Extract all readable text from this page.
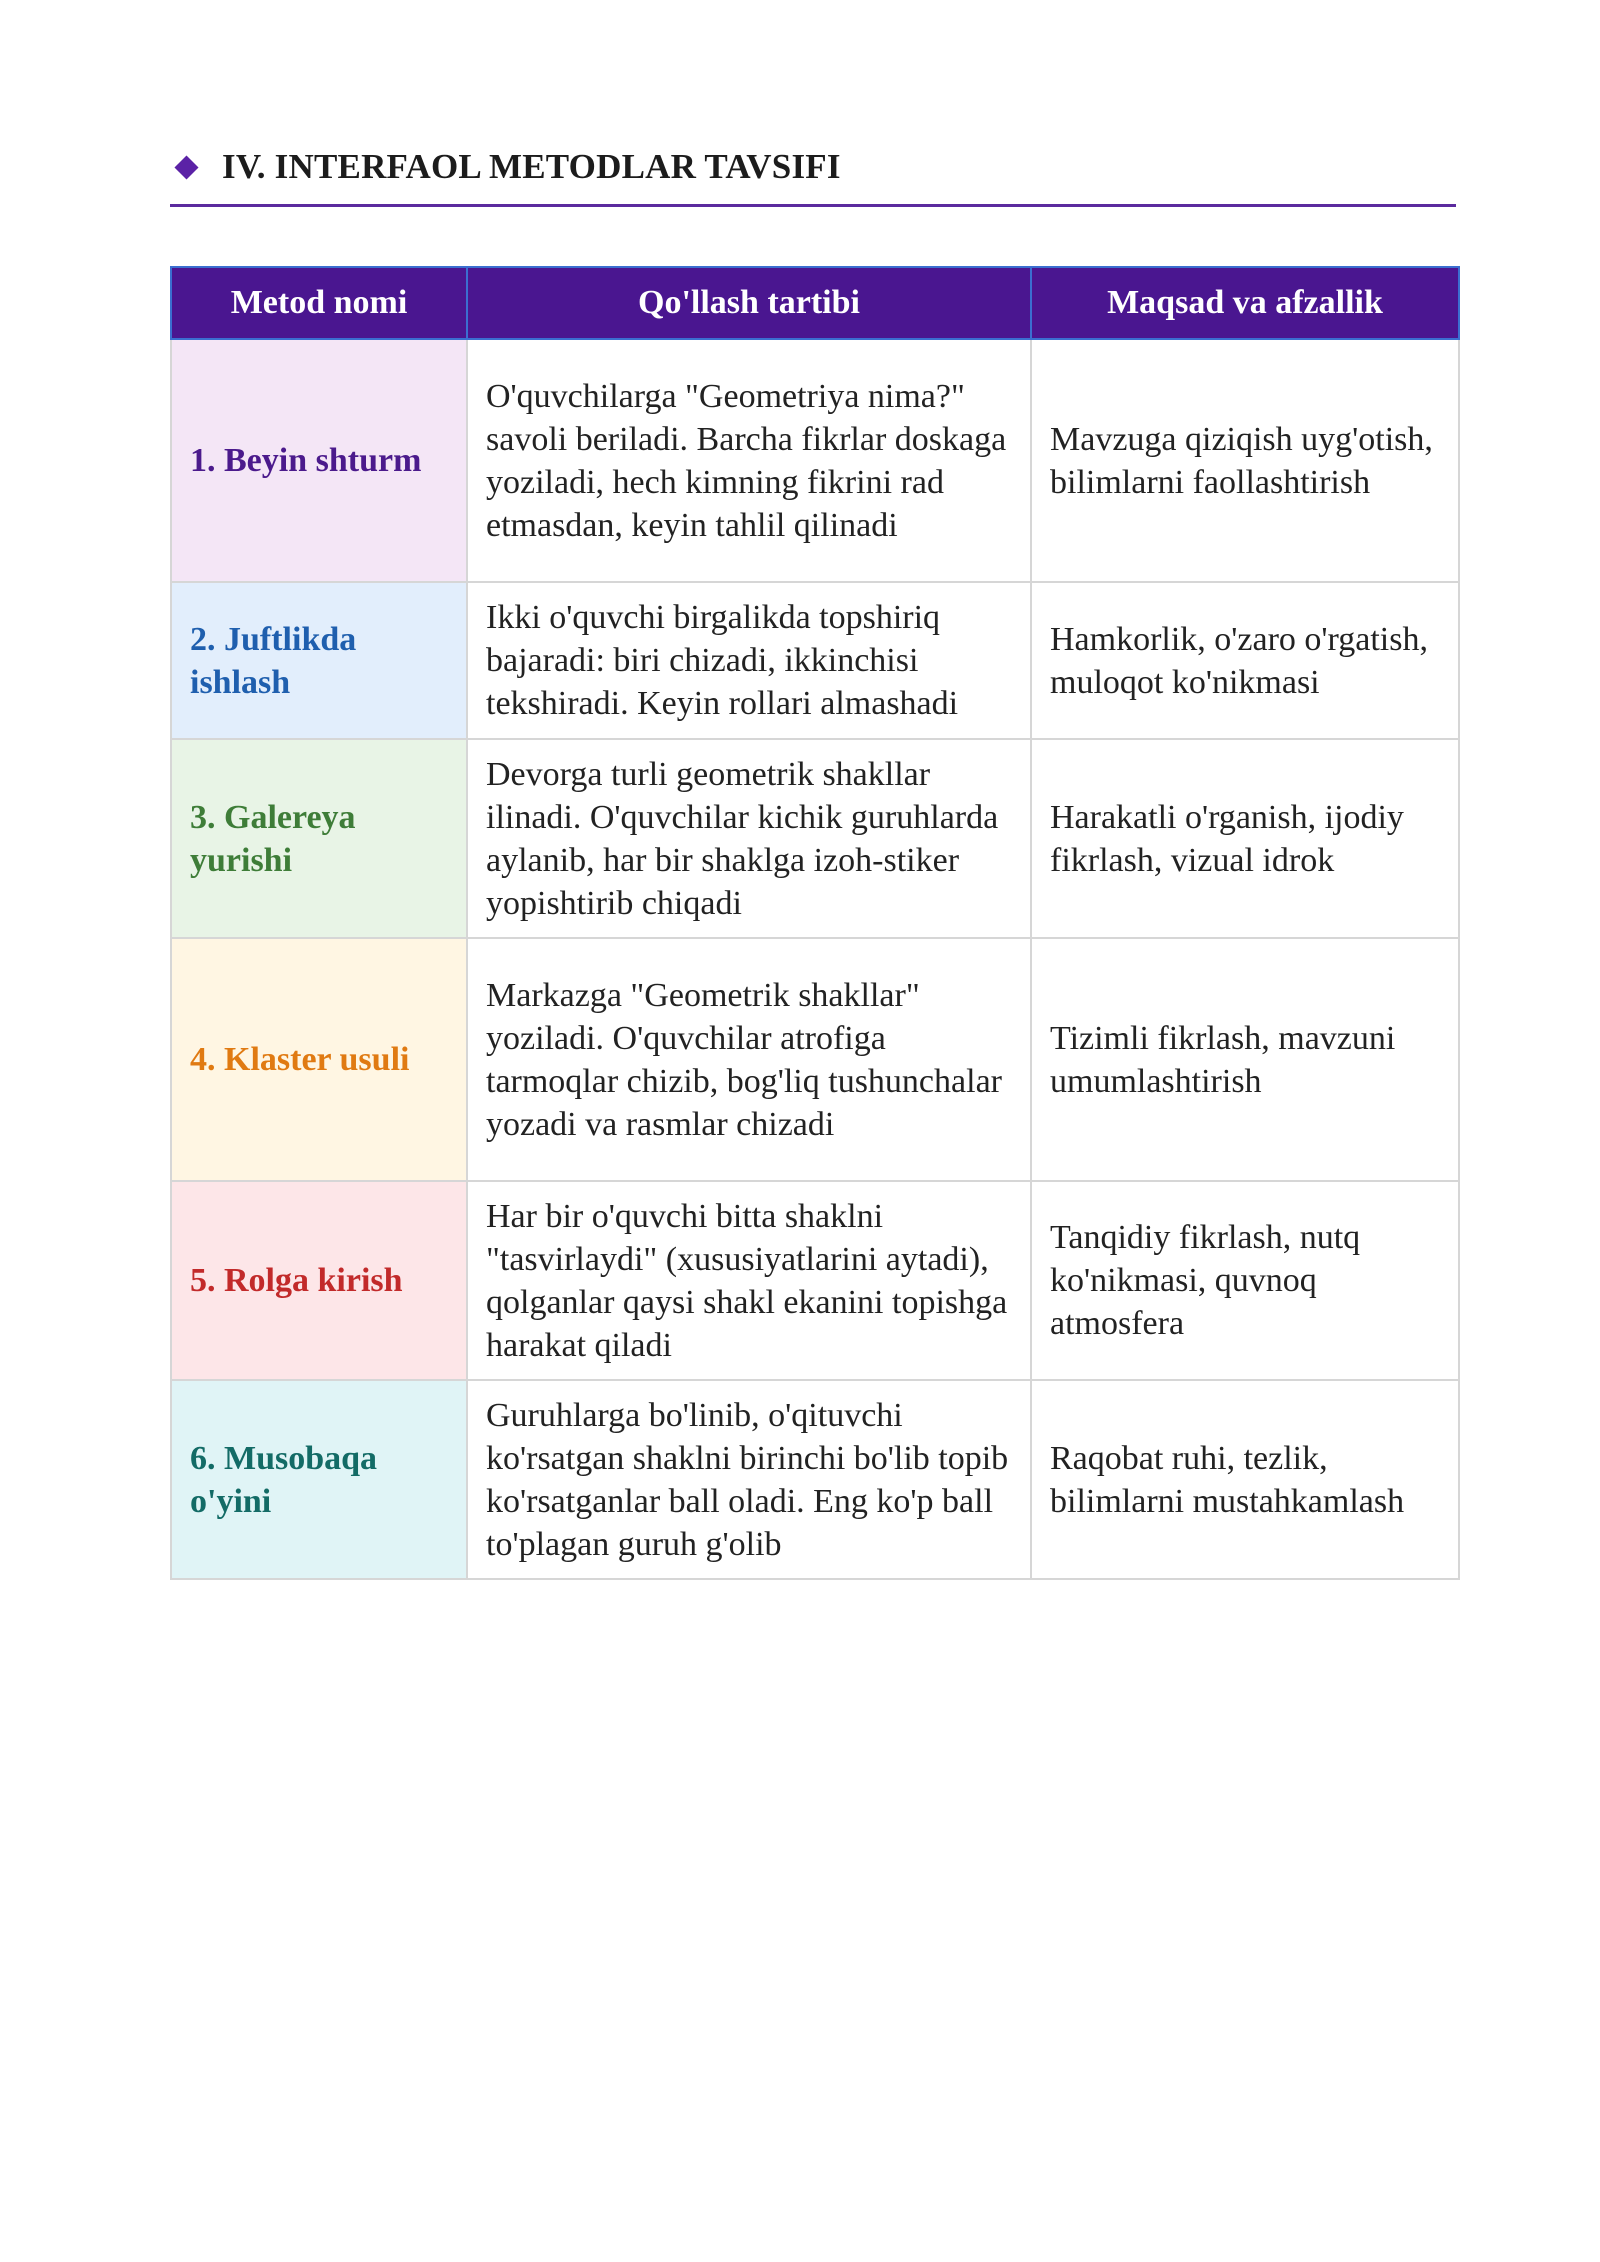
IV. INTERFAOL METODLAR TAVSIFI
Metod nomi	Qo'llash tartibi	Maqsad va afzallik
1. Beyin shturm	O'quvchilarga "Geometriya nima?" savoli beriladi. Barcha fikrlar doskaga yoziladi, hech kimning fikrini rad etmasdan, keyin tahlil qilinadi	Mavzuga qiziqish uyg'otish, bilimlarni faollashtirish
2. Juftlikda ishlash	Ikki o'quvchi birgalikda topshiriq bajaradi: biri chizadi, ikkinchisi tekshiradi. Keyin rollari almashadi	Hamkorlik, o'zaro o'rgatish, muloqot ko'nikmasi
3. Galereya yurishi	Devorga turli geometrik shakllar ilinadi. O'quvchilar kichik guruhlarda aylanib, har bir shaklga izoh-stiker yopishtirib chiqadi	Harakatli o'rganish, ijodiy fikrlash, vizual idrok
4. Klaster usuli	Markazga "Geometrik shakllar" yoziladi. O'quvchilar atrofiga tarmoqlar chizib, bog'liq tushunchalar yozadi va rasmlar chizadi	Tizimli fikrlash, mavzuni umumlashtirish
5. Rolga kirish	Har bir o'quvchi bitta shaklni "tasvirlaydi" (xususiyatlarini aytadi), qolganlar qaysi shakl ekanini topishga harakat qiladi	Tanqidiy fikrlash, nutq ko'nikmasi, quvnoq atmosfera
6. Musobaqa o'yini	Guruhlarga bo'linib, o'qituvchi ko'rsatgan shaklni birinchi bo'lib topib ko'rsatganlar ball oladi. Eng ko'p ball to'plagan guruh g'olib	Raqobat ruhi, tezlik, bilimlarni mustahkamlash
